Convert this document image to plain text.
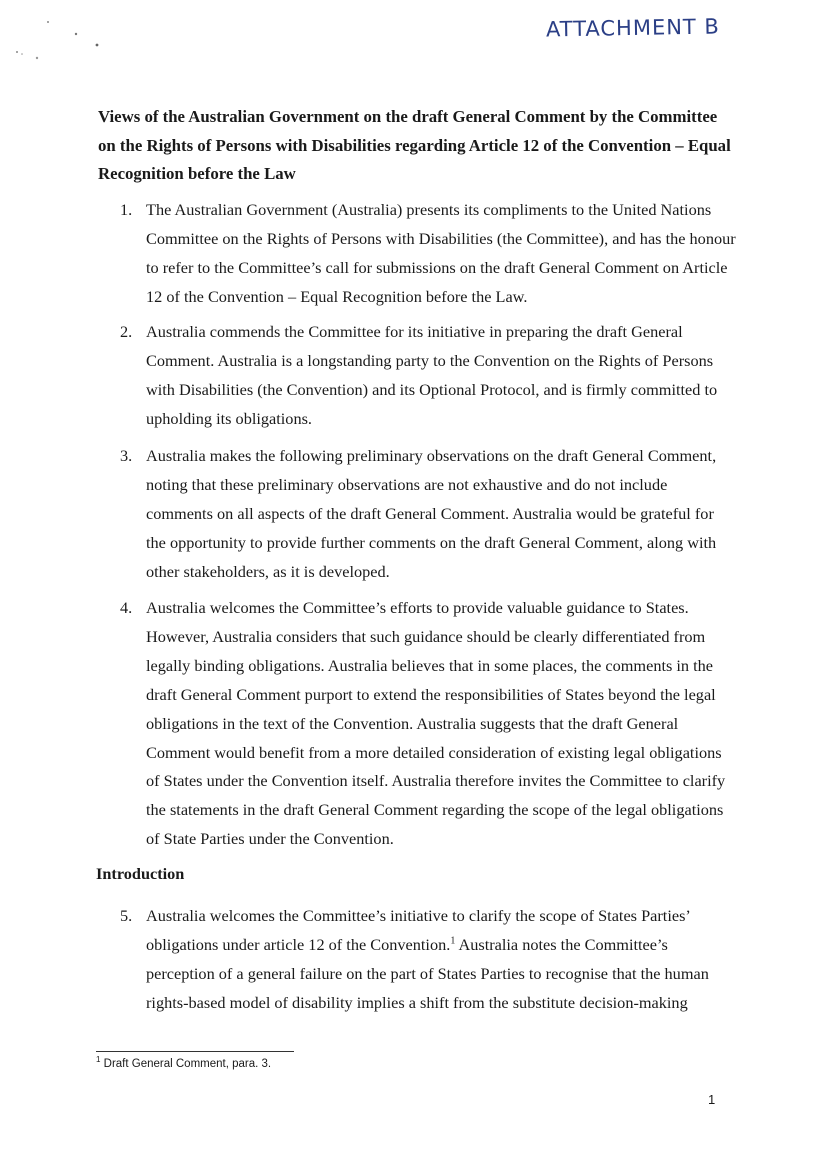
ATTACHMENT B
Views of the Australian Government on the draft General Comment by the Committee on the Rights of Persons with Disabilities regarding Article 12 of the Convention – Equal Recognition before the Law
1. The Australian Government (Australia) presents its compliments to the United Nations Committee on the Rights of Persons with Disabilities (the Committee), and has the honour to refer to the Committee’s call for submissions on the draft General Comment on Article 12 of the Convention – Equal Recognition before the Law.
2. Australia commends the Committee for its initiative in preparing the draft General Comment. Australia is a longstanding party to the Convention on the Rights of Persons with Disabilities (the Convention) and its Optional Protocol, and is firmly committed to upholding its obligations.
3. Australia makes the following preliminary observations on the draft General Comment, noting that these preliminary observations are not exhaustive and do not include comments on all aspects of the draft General Comment. Australia would be grateful for the opportunity to provide further comments on the draft General Comment, along with other stakeholders, as it is developed.
4. Australia welcomes the Committee’s efforts to provide valuable guidance to States. However, Australia considers that such guidance should be clearly differentiated from legally binding obligations. Australia believes that in some places, the comments in the draft General Comment purport to extend the responsibilities of States beyond the legal obligations in the text of the Convention. Australia suggests that the draft General Comment would benefit from a more detailed consideration of existing legal obligations of States under the Convention itself. Australia therefore invites the Committee to clarify the statements in the draft General Comment regarding the scope of the legal obligations of State Parties under the Convention.
Introduction
5. Australia welcomes the Committee’s initiative to clarify the scope of States Parties’ obligations under article 12 of the Convention.$^1$ Australia notes the Committee’s perception of a general failure on the part of States Parties to recognise that the human rights-based model of disability implies a shift from the substitute decision-making
$^1$ Draft General Comment, para. 3.
1
